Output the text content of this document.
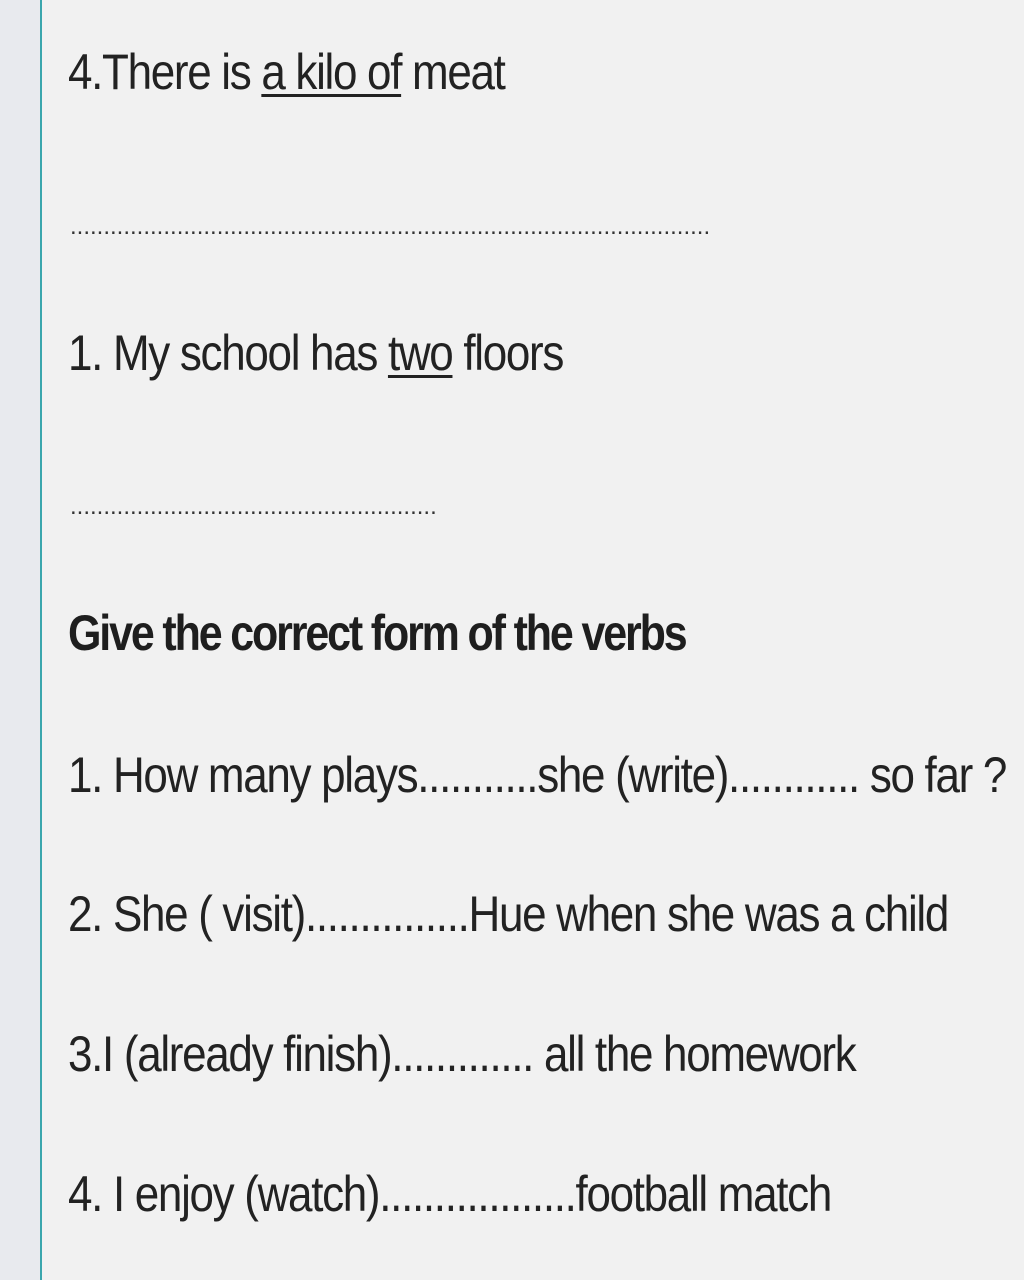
4.There is a kilo of meat
................................................................................................
1. My school has two floors
.......................................................
Give the correct form of the verbs
1. How many plays...........she (write)............ so far ?
2. She ( visit)...............Hue when she was a child
3.I (already finish)............. all the homework
4. I enjoy (watch)..................football match
